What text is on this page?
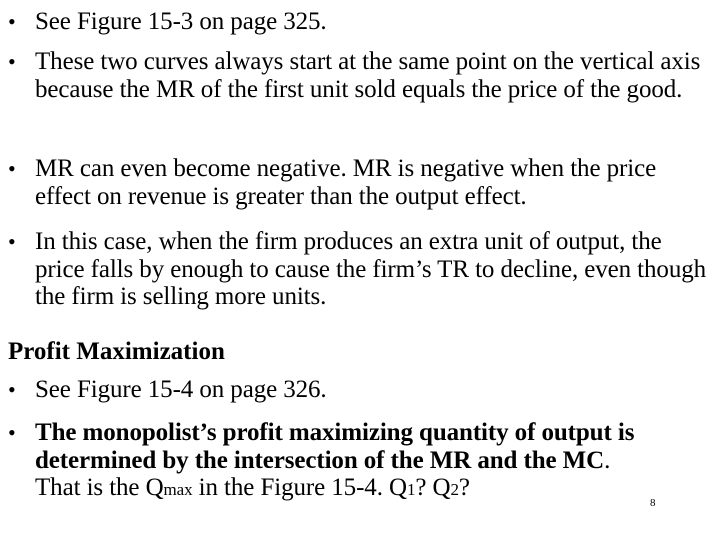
• See Figure 15-3 on page 325.
• These two curves always start at the same point on the vertical axis because the MR of the first unit sold equals the price of the good.
• MR can even become negative. MR is negative when the price effect on revenue is greater than the output effect.
• In this case, when the firm produces an extra unit of output, the price falls by enough to cause the firm’s TR to decline, even though the firm is selling more units.
Profit Maximization
• See Figure 15-4 on page 326.
• The monopolist’s profit maximizing quantity of output is determined by the intersection of the MR and the MC.
That is the Qmax in the Figure 15-4. Q1? Q2?
8
